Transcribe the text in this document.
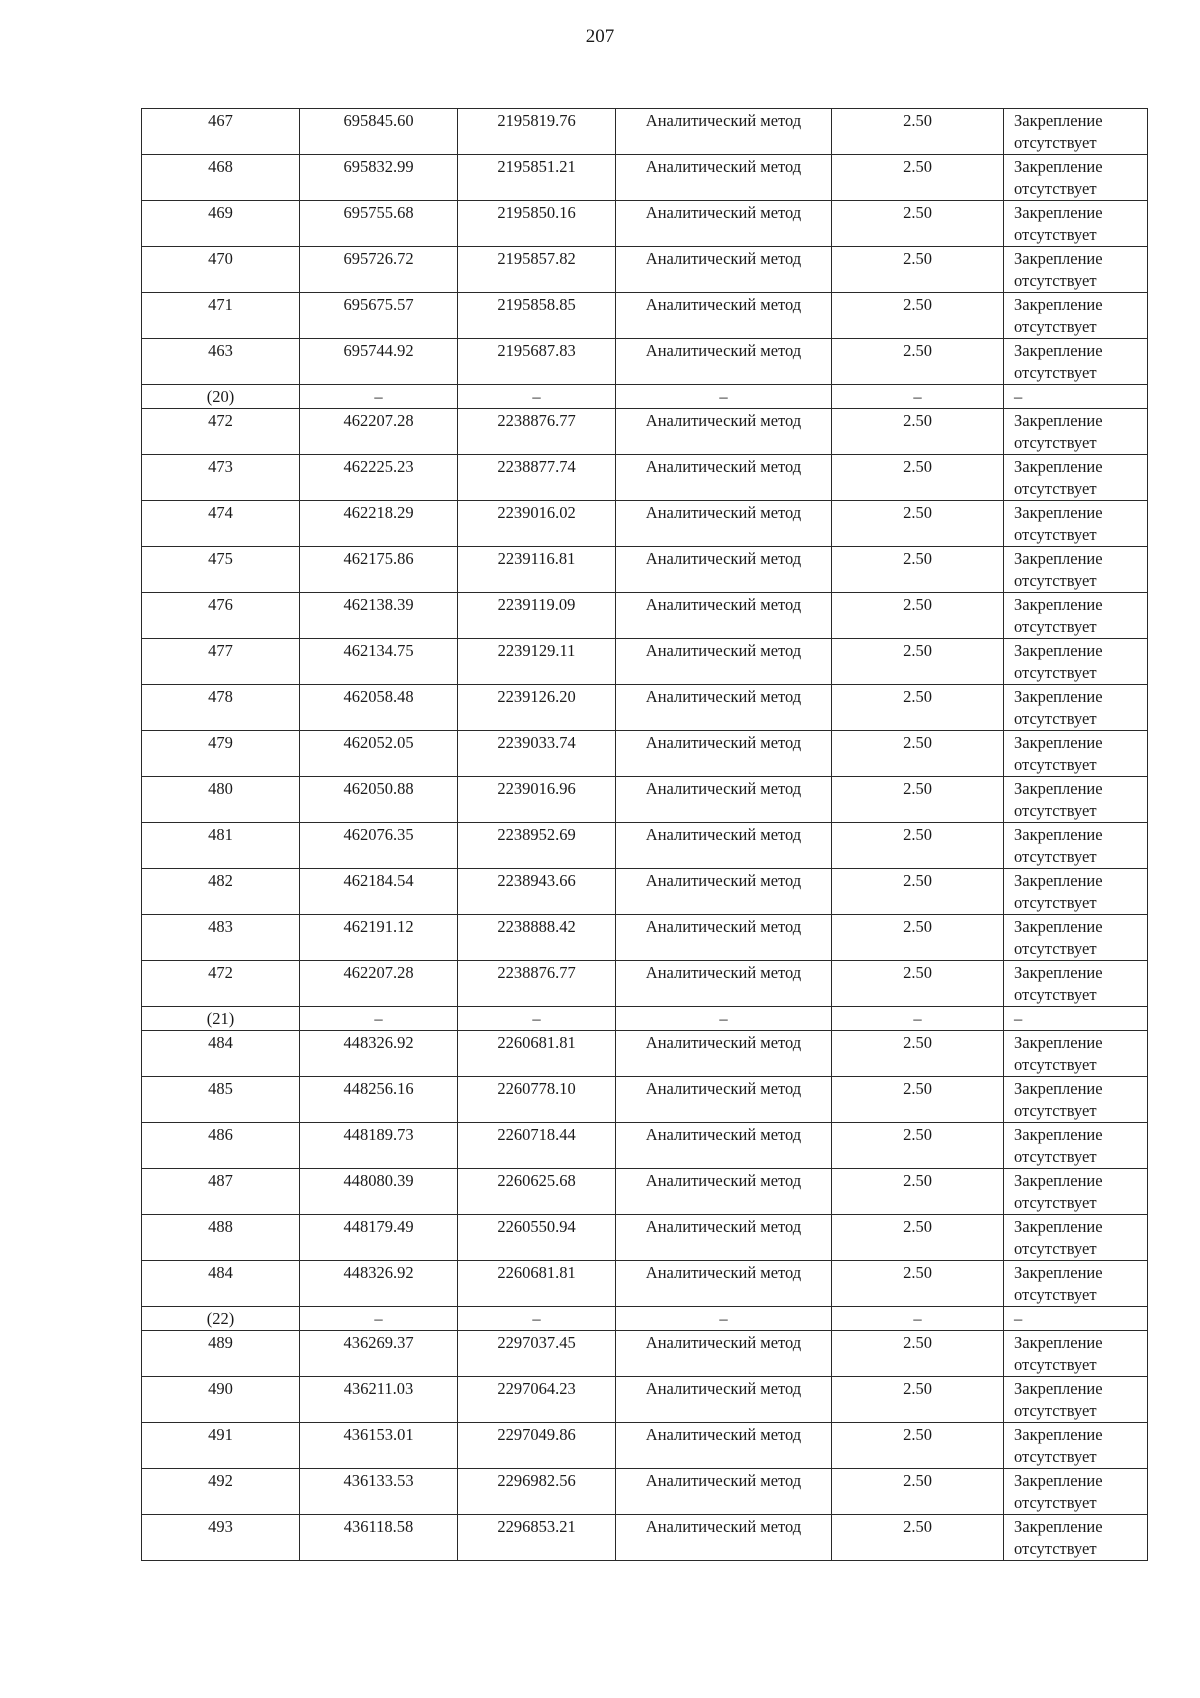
207
467	695845.60	2195819.76	Аналитический метод	2.50	Закрепление отсутствует
468	695832.99	2195851.21	Аналитический метод	2.50	Закрепление отсутствует
469	695755.68	2195850.16	Аналитический метод	2.50	Закрепление отсутствует
470	695726.72	2195857.82	Аналитический метод	2.50	Закрепление отсутствует
471	695675.57	2195858.85	Аналитический метод	2.50	Закрепление отсутствует
463	695744.92	2195687.83	Аналитический метод	2.50	Закрепление отсутствует
(20)	–	–	–	–	–
472	462207.28	2238876.77	Аналитический метод	2.50	Закрепление отсутствует
473	462225.23	2238877.74	Аналитический метод	2.50	Закрепление отсутствует
474	462218.29	2239016.02	Аналитический метод	2.50	Закрепление отсутствует
475	462175.86	2239116.81	Аналитический метод	2.50	Закрепление отсутствует
476	462138.39	2239119.09	Аналитический метод	2.50	Закрепление отсутствует
477	462134.75	2239129.11	Аналитический метод	2.50	Закрепление отсутствует
478	462058.48	2239126.20	Аналитический метод	2.50	Закрепление отсутствует
479	462052.05	2239033.74	Аналитический метод	2.50	Закрепление отсутствует
480	462050.88	2239016.96	Аналитический метод	2.50	Закрепление отсутствует
481	462076.35	2238952.69	Аналитический метод	2.50	Закрепление отсутствует
482	462184.54	2238943.66	Аналитический метод	2.50	Закрепление отсутствует
483	462191.12	2238888.42	Аналитический метод	2.50	Закрепление отсутствует
472	462207.28	2238876.77	Аналитический метод	2.50	Закрепление отсутствует
(21)	–	–	–	–	–
484	448326.92	2260681.81	Аналитический метод	2.50	Закрепление отсутствует
485	448256.16	2260778.10	Аналитический метод	2.50	Закрепление отсутствует
486	448189.73	2260718.44	Аналитический метод	2.50	Закрепление отсутствует
487	448080.39	2260625.68	Аналитический метод	2.50	Закрепление отсутствует
488	448179.49	2260550.94	Аналитический метод	2.50	Закрепление отсутствует
484	448326.92	2260681.81	Аналитический метод	2.50	Закрепление отсутствует
(22)	–	–	–	–	–
489	436269.37	2297037.45	Аналитический метод	2.50	Закрепление отсутствует
490	436211.03	2297064.23	Аналитический метод	2.50	Закрепление отсутствует
491	436153.01	2297049.86	Аналитический метод	2.50	Закрепление отсутствует
492	436133.53	2296982.56	Аналитический метод	2.50	Закрепление отсутствует
493	436118.58	2296853.21	Аналитический метод	2.50	Закрепление отсутствует
